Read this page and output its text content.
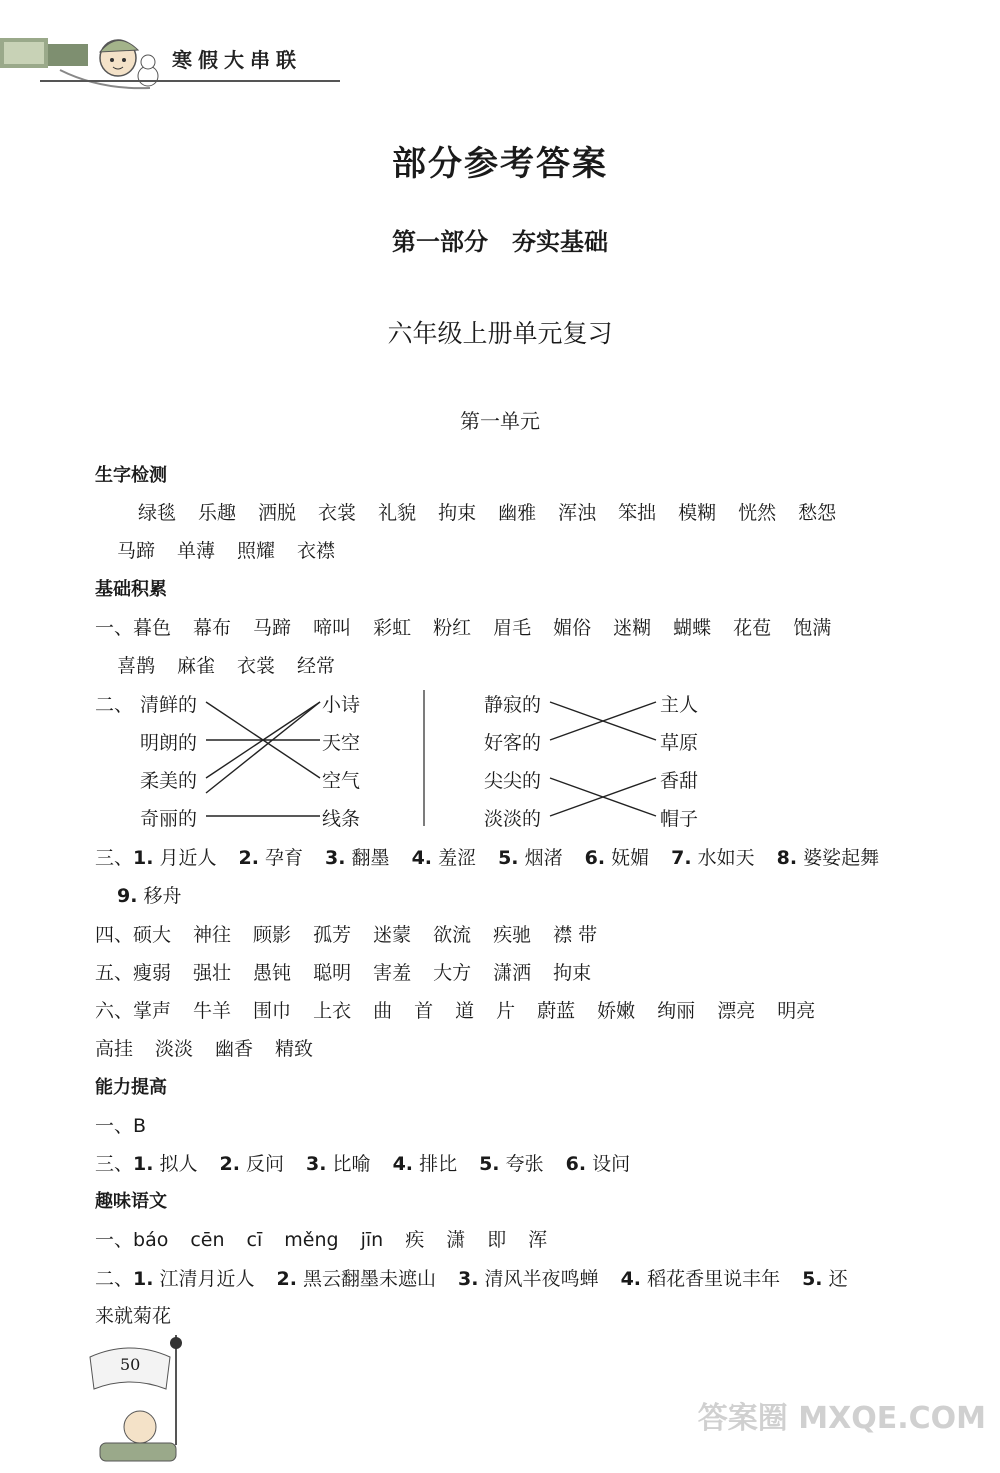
寒假大串联
部分参考答案
第一部分　夯实基础
六年级上册单元复习
第一单元
生字检测
绿毯 乐趣 洒脱 衣裳 礼貌 拘束 幽雅 浑浊 笨拙 模糊 恍然 愁怨
马蹄 单薄 照耀 衣襟
基础积累
一、暮色 幕布 马蹄 啼叫 彩虹 粉红 眉毛 媚俗 迷糊 蝴蝶 花苞 饱满
喜鹊 麻雀 衣裳 经常
二、 清鲜的
明朗的
柔美的
奇丽的
小诗
天空
空气
线条
静寂的
好客的
尖尖的
淡淡的
主人
草原
香甜
帽子
三、1. 月近人 2. 孕育 3. 翻墨 4. 羞涩 5. 烟渚 6. 妩媚 7. 水如天 8. 婆娑起舞
9. 移舟
四、硕大 神往 顾影 孤芳 迷蒙 欲流 疾驰 襟 带
五、瘦弱 强壮 愚钝 聪明 害羞 大方 潇洒 拘束
六、掌声 牛羊 围巾 上衣 曲 首 道 片 蔚蓝 娇嫩 绚丽 漂亮 明亮
高挂 淡淡 幽香 精致
能力提高
一、B
三、1. 拟人 2. 反问 3. 比喻 4. 排比 5. 夸张 6. 设问
趣味语文
一、báo cēn cī měng jīn 疾 潇 即 浑
二、1. 江清月近人 2. 黑云翻墨未遮山 3. 清风半夜鸣蝉 4. 稻花香里说丰年 5. 还
来就菊花
50
答案圈 MXQE.COM
